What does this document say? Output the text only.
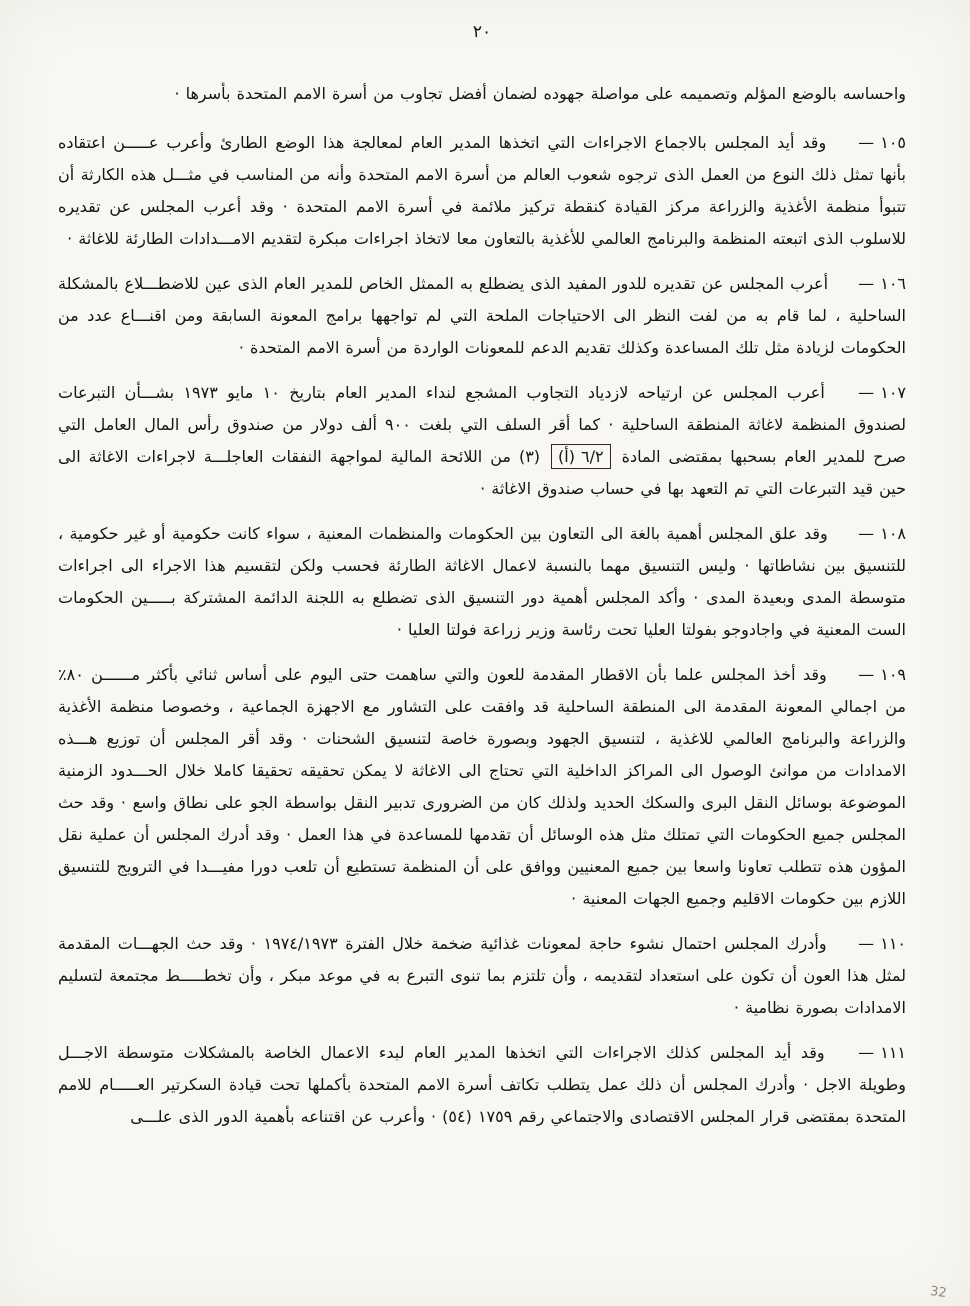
٢٠

واحساسه بالوضع المؤلم وتصميمه على مواصلة جهوده لضمان أفضل تجاوب من أسرة الامم المتحدة بأسرها ·

١٠٥ — وقد أيد المجلس بالاجماع الاجراءات التي اتخذها المدير العام لمعالجة هذا الوضع الطارئ وأعرب عـــــن اعتقاده بأنها تمثل ذلك النوع من العمل الذى ترجوه شعوب العالم من أسرة الامم المتحدة وأنه من المناسب في مثـــل هذه الكارثة أن تتبوأ منظمة الأغذية والزراعة مركز القيادة كنقطة تركيز ملائمة في أسرة الامم المتحدة · وقد أعرب المجلس عن تقديره للاسلوب الذى اتبعته المنظمة والبرنامج العالمي للأغذية بالتعاون معا لاتخاذ اجراءات مبكرة لتقديم الامـــدادات الطارئة للاغاثة ·

١٠٦ — أعرب المجلس عن تقديره للدور المفيد الذى يضطلع به الممثل الخاص للمدير العام الذى عين للاضطـــلاع بالمشكلة الساحلية ، لما قام به من لفت النظر الى الاحتياجات الملحة التي لم تواجهها برامج المعونة السابقة ومن اقنـــاع عدد من الحكومات لزيادة مثل تلك المساعدة وكذلك تقديم الدعم للمعونات الواردة من أسرة الامم المتحدة ·

١٠٧ — أعرب المجلس عن ارتياحه لازدياد التجاوب المشجع لنداء المدير العام بتاريخ ١٠ مايو ١٩٧٣ بشـــأن التبرعات لصندوق المنظمة لاغاثة المنطقة الساحلية · كما أقر السلف التي بلغت ٩٠٠ ألف دولار من صندوق رأس المال العامل التي صرح للمدير العام بسحبها بمقتضى المادة ٦/٢ (أ) (٣) من اللائحة المالية لمواجهة النفقات العاجلـــة لاجراءات الاغاثة الى حين قيد التبرعات التي تم التعهد بها في حساب صندوق الاغاثة ·

١٠٨ — وقد علق المجلس أهمية بالغة الى التعاون بين الحكومات والمنظمات المعنية ، سواء كانت حكومية أو غير حكومية ، للتنسيق بين نشاطاتها · وليس التنسيق مهما بالنسبة لاعمال الاغاثة الطارئة فحسب ولكن لتقسيم هذا الاجراء الى اجراءات متوسطة المدى وبعيدة المدى · وأكد المجلس أهمية دور التنسيق الذى تضطلع به اللجنة الدائمة المشتركة بـــــين الحكومات الست المعنية في واجادوجو بفولتا العليا تحت رئاسة وزير زراعة فولتا العليا ·

١٠٩ — وقد أخذ المجلس علما بأن الاقطار المقدمة للعون والتي ساهمت حتى اليوم على أساس ثنائي بأكثر مــــــن ٨٠٪ من اجمالي المعونة المقدمة الى المنطقة الساحلية قد وافقت على التشاور مع الاجهزة الجماعية ، وخصوصا منظمة الأغذية والزراعة والبرنامج العالمي للاغذية ، لتنسيق الجهود وبصورة خاصة لتنسيق الشحنات · وقد أقر المجلس أن توزيع هـــذه الامدادات من موانئ الوصول الى المراكز الداخلية التي تحتاج الى الاغاثة لا يمكن تحقيقه تحقيقا كاملا خلال الحـــدود الزمنية الموضوعة بوسائل النقل البرى والسكك الحديد ولذلك كان من الضرورى تدبير النقل بواسطة الجو على نطاق واسع · وقد حث المجلس جميع الحكومات التي تمتلك مثل هذه الوسائل أن تقدمها للمساعدة في هذا العمل · وقد أدرك المجلس أن عملية نقل المؤون هذه تتطلب تعاونا واسعا بين جميع المعنيين ووافق على أن المنظمة تستطيع أن تلعب دورا مفيـــدا في الترويج للتنسيق اللازم بين حكومات الاقليم وجميع الجهات المعنية ·

١١٠ — وأدرك المجلس احتمال نشوء حاجة لمعونات غذائية ضخمة خلال الفترة ١٩٧٤/١٩٧٣ · وقد حث الجهـــات المقدمة لمثل هذا العون أن تكون على استعداد لتقديمه ، وأن تلتزم بما تنوى التبرع به في موعد مبكر ، وأن تخطـــــط مجتمعة لتسليم الامدادات بصورة نظامية ·

١١١ — وقد أيد المجلس كذلك الاجراءات التي اتخذها المدير العام لبدء الاعمال الخاصة بالمشكلات متوسطة الاجـــل وطويلة الاجل · وأدرك المجلس أن ذلك عمل يتطلب تكاتف أسرة الامم المتحدة بأكملها تحت قيادة السكرتير العـــــام للامم المتحدة بمقتضى قرار المجلس الاقتصادى والاجتماعي رقم ١٧٥٩ (٥٤) · وأعرب عن اقتناعه بأهمية الدور الذى علـــى

32
